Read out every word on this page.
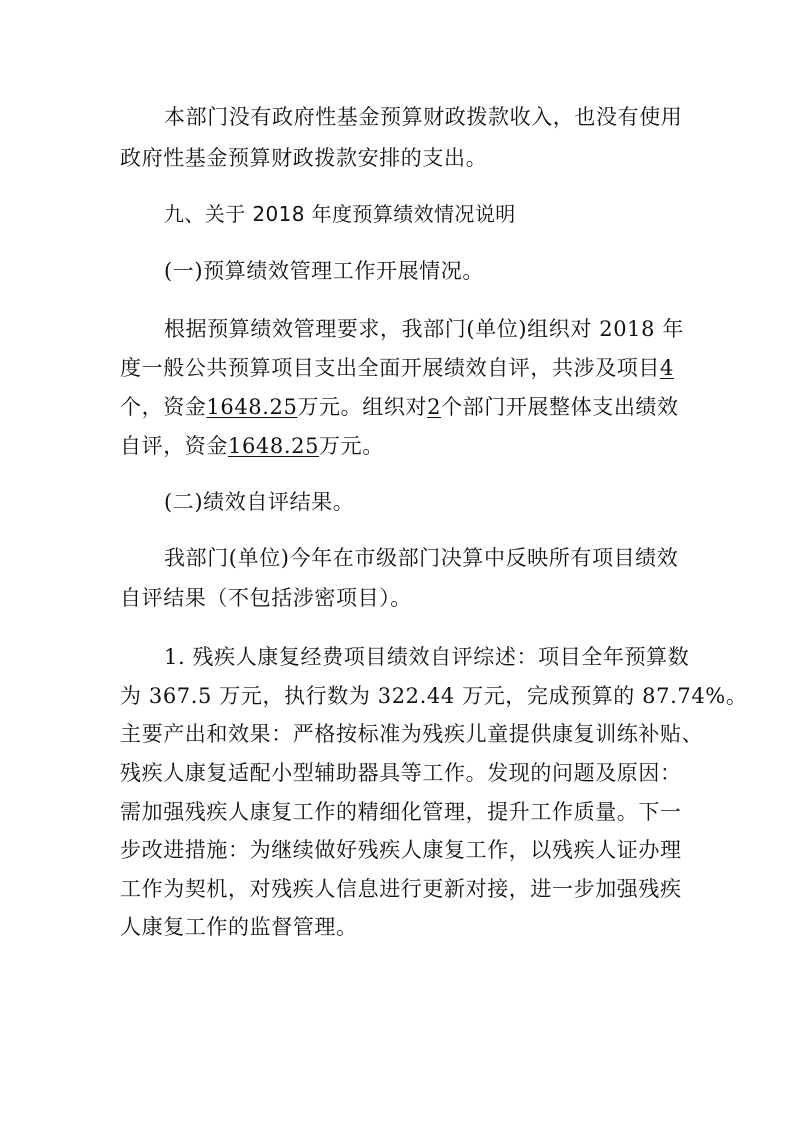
本部门没有政府性基金预算财政拨款收入，也没有使用
政府性基金预算财政拨款安排的支出。
九、关于 2018 年度预算绩效情况说明
(一)预算绩效管理工作开展情况。
根据预算绩效管理要求，我部门(单位)组织对 2018 年
度一般公共预算项目支出全面开展绩效自评，共涉及项目4
个，资金1648.25万元。组织对2个部门开展整体支出绩效
自评，资金1648.25万元。
(二)绩效自评结果。
我部门(单位)今年在市级部门决算中反映所有项目绩效
自评结果（不包括涉密项目）。
1. 残疾人康复经费项目绩效自评综述：项目全年预算数
为 367.5 万元，执行数为 322.44 万元，完成预算的 87.74%。
主要产出和效果：严格按标准为残疾儿童提供康复训练补贴、
残疾人康复适配小型辅助器具等工作。发现的问题及原因：
需加强残疾人康复工作的精细化管理，提升工作质量。下一
步改进措施：为继续做好残疾人康复工作，以残疾人证办理
工作为契机，对残疾人信息进行更新对接，进一步加强残疾
人康复工作的监督管理。
